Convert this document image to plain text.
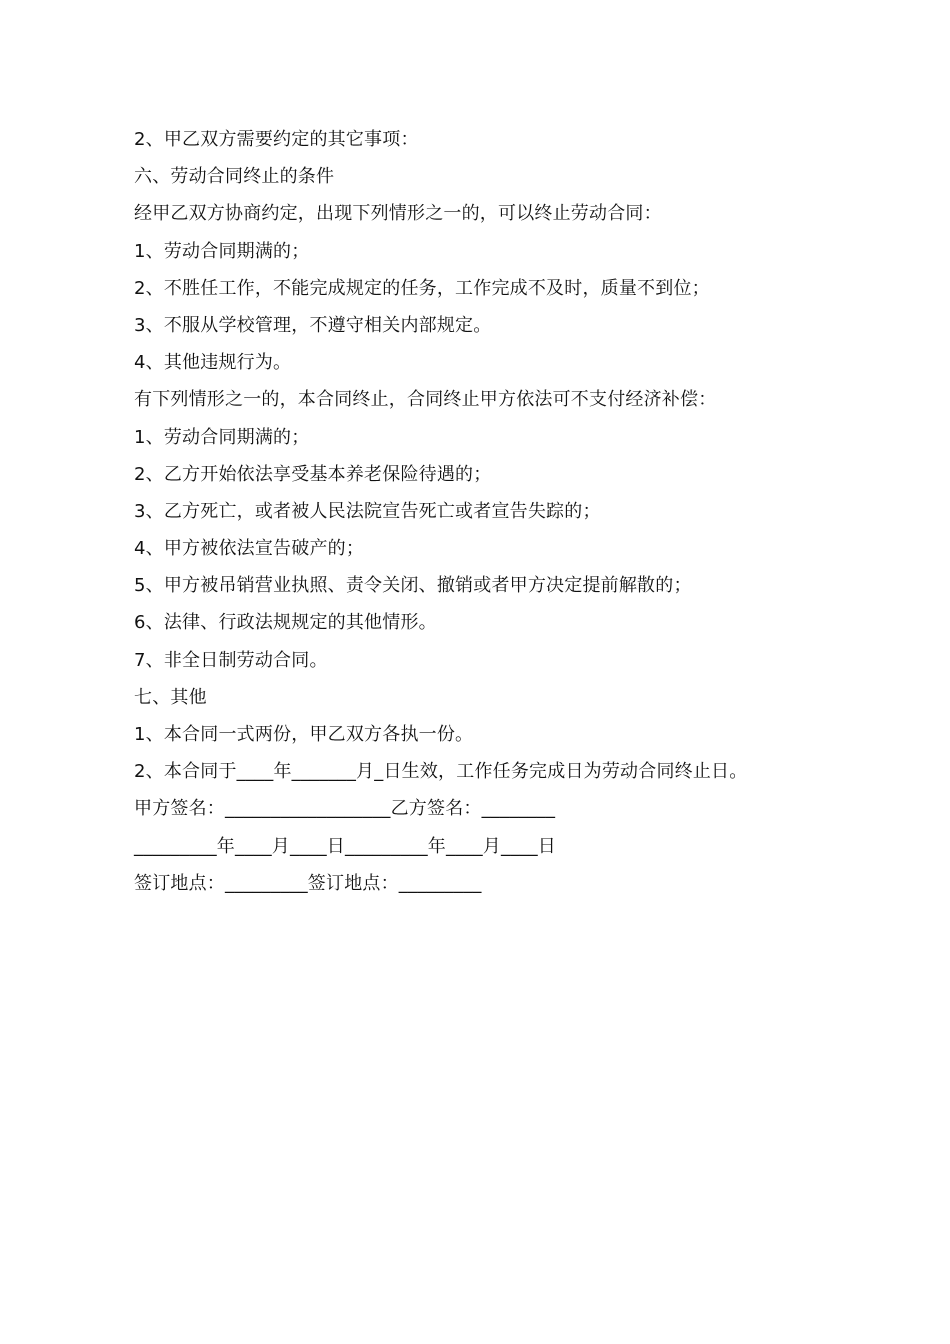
2、甲乙双方需要约定的其它事项：
六、劳动合同终止的条件
经甲乙双方协商约定，出现下列情形之一的，可以终止劳动合同：
1、劳动合同期满的；
2、不胜任工作，不能完成规定的任务，工作完成不及时，质量不到位；
3、不服从学校管理，不遵守相关内部规定。
4、其他违规行为。
有下列情形之一的，本合同终止，合同终止甲方依法可不支付经济补偿：
1、劳动合同期满的；
2、乙方开始依法享受基本养老保险待遇的；
3、乙方死亡，或者被人民法院宣告死亡或者宣告失踪的；
4、甲方被依法宣告破产的；
5、甲方被吊销营业执照、责令关闭、撤销或者甲方决定提前解散的；
6、法律、行政法规规定的其他情形。
7、非全日制劳动合同。
七、其他
1、本合同一式两份，甲乙双方各执一份。
2、本合同于____年_______月_日生效，工作任务完成日为劳动合同终止日。
甲方签名：__________________乙方签名：________
_________年____月____日_________年____月____日
签订地点：_________签订地点：_________
